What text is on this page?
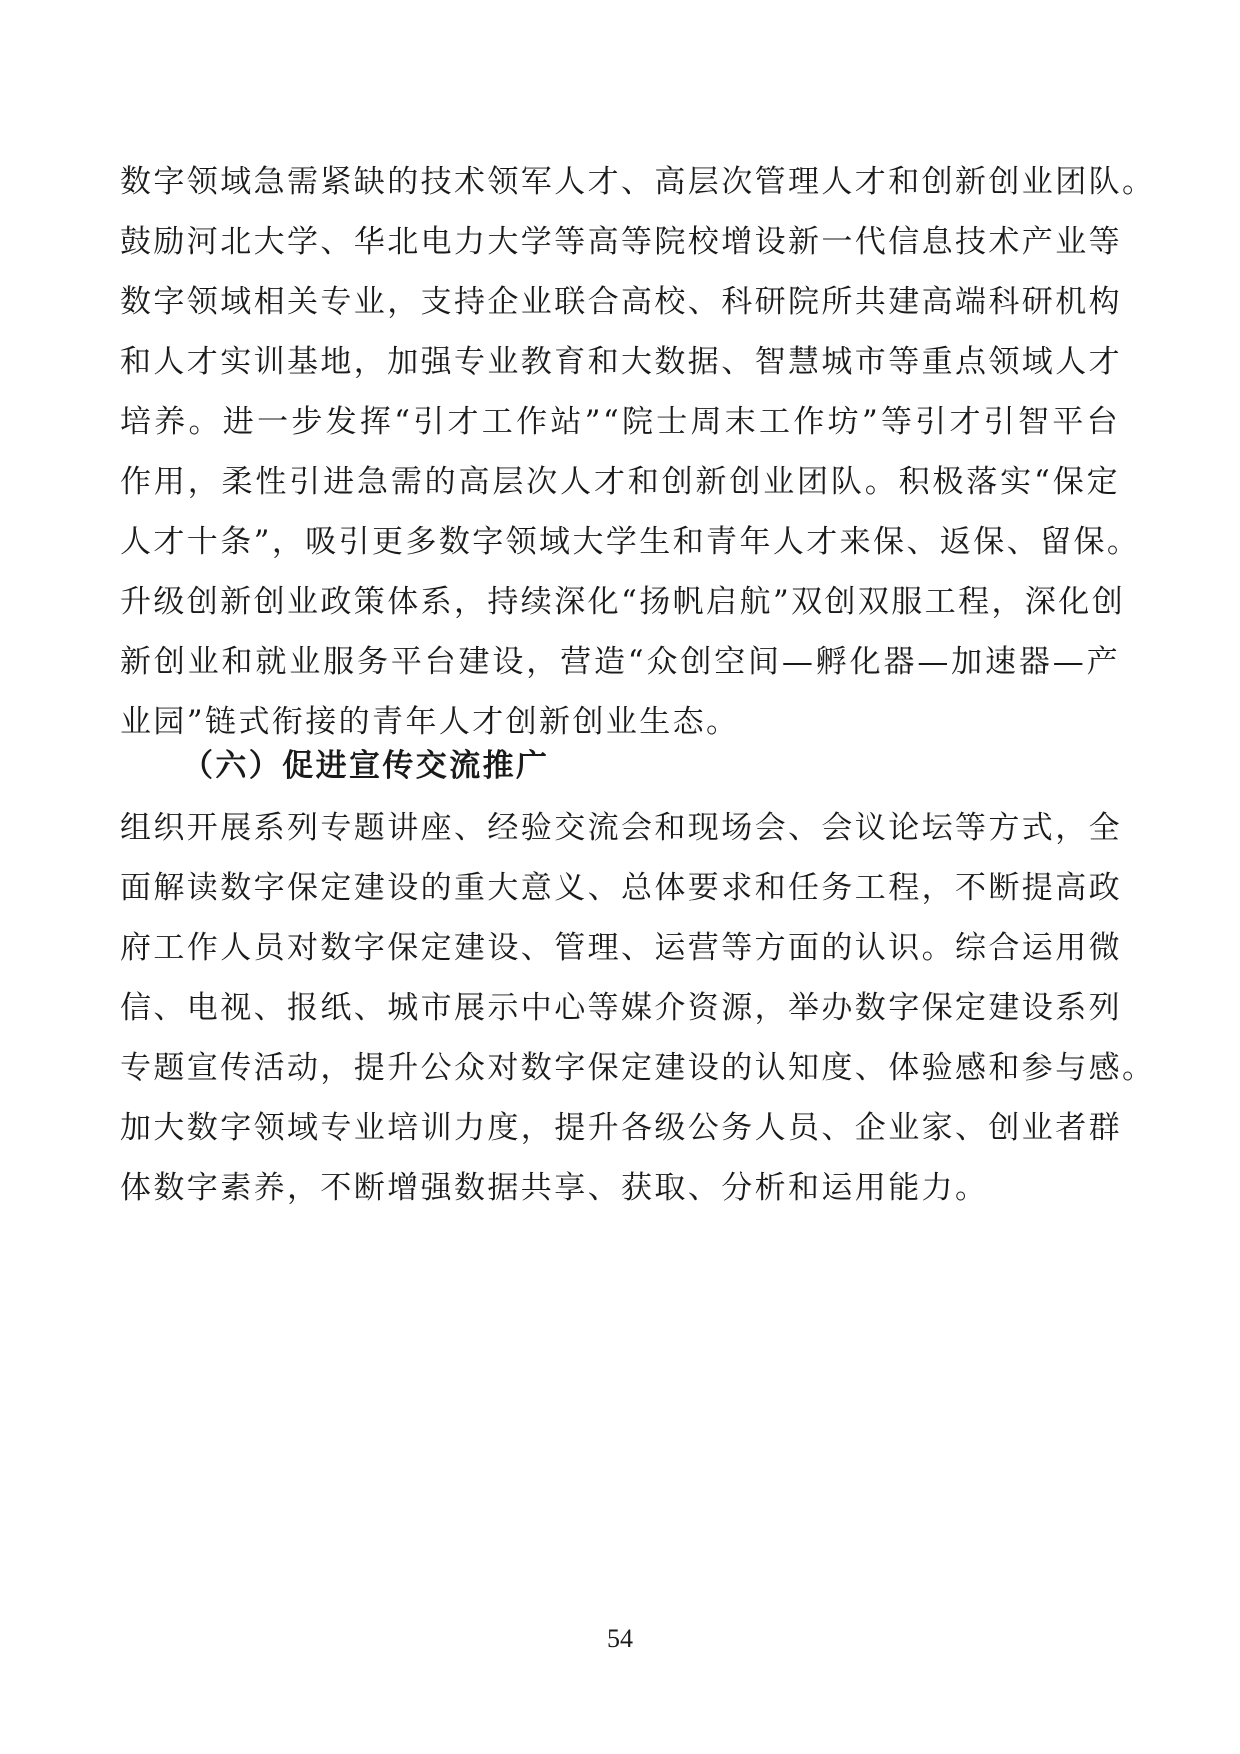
数字领域急需紧缺的技术领军人才、高层次管理人才和创新创业团队。
鼓励河北大学、华北电力大学等高等院校增设新一代信息技术产业等
数字领域相关专业，支持企业联合高校、科研院所共建高端科研机构
和人才实训基地，加强专业教育和大数据、智慧城市等重点领域人才
培养。进一步发挥“引才工作站”“院士周末工作坊”等引才引智平台
作用，柔性引进急需的高层次人才和创新创业团队。积极落实“保定
人才十条”，吸引更多数字领域大学生和青年人才来保、返保、留保。
升级创新创业政策体系，持续深化“扬帆启航”双创双服工程，深化创
新创业和就业服务平台建设，营造“众创空间—孵化器—加速器—产
业园”链式衔接的青年人才创新创业生态。
（六）促进宣传交流推广
组织开展系列专题讲座、经验交流会和现场会、会议论坛等方式，全
面解读数字保定建设的重大意义、总体要求和任务工程，不断提高政
府工作人员对数字保定建设、管理、运营等方面的认识。综合运用微
信、电视、报纸、城市展示中心等媒介资源，举办数字保定建设系列
专题宣传活动，提升公众对数字保定建设的认知度、体验感和参与感。
加大数字领域专业培训力度，提升各级公务人员、企业家、创业者群
体数字素养，不断增强数据共享、获取、分析和运用能力。
54
